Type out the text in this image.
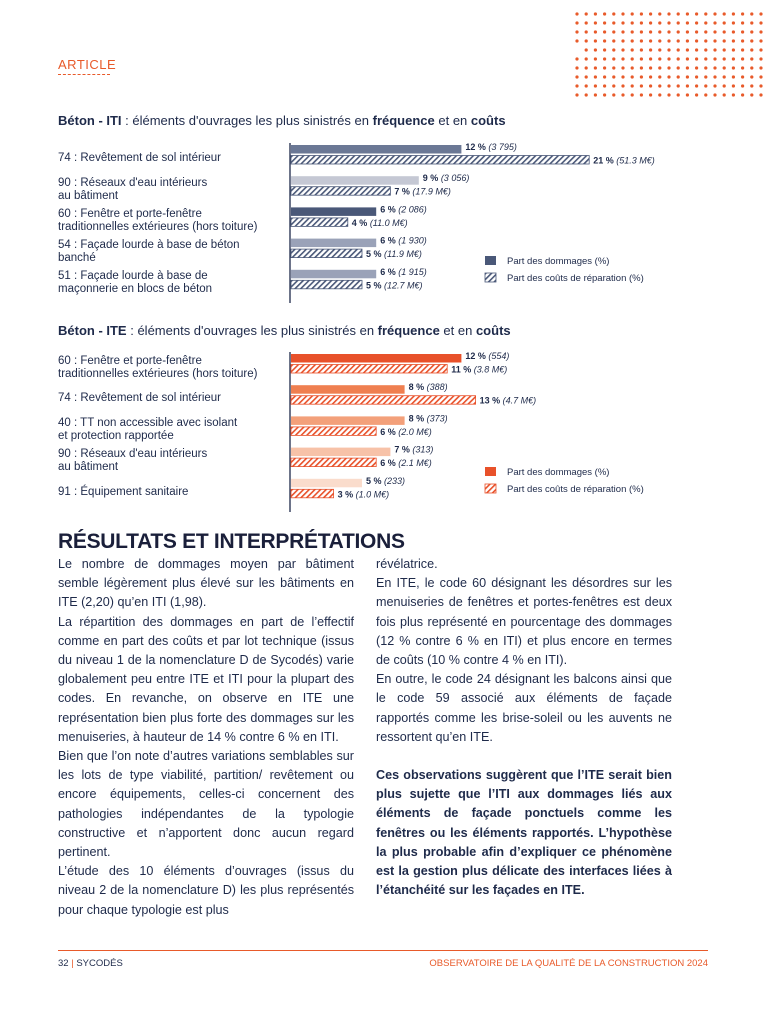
ARTICLE
Béton - ITI : éléments d'ouvrages les plus sinistrés en fréquence et en coûts
74 : Revêtement de sol intérieur
90 : Réseaux d'eau intérieurs
au bâtiment
60 : Fenêtre et porte-fenêtre
traditionnelles extérieures (hors toiture)
54 : Façade lourde à base de béton
banché
51 : Façade lourde à base de
maçonnerie en blocs de béton
Béton - ITE : éléments d'ouvrages les plus sinistrés en fréquence et en coûts
60 : Fenêtre et porte-fenêtre
traditionnelles extérieures (hors toiture)
74 : Revêtement de sol intérieur
40 : TT non accessible avec isolant
et protection rapportée
90 : Réseaux d'eau intérieurs
au bâtiment
91 : Équipement sanitaire
12 % (3 795)
9 % (3 056)
6 % (2 086)
6 % (1 930)
6 % (1 915)
21 % (51.3 M€)
7 % (17.9 M€)
4 % (11.0 M€)
5 % (11.9 M€)
5 % (12.7 M€)
Part des dommages (%)
Part des coûts de réparation (%)
12 % (554)
8 % (388)
8 % (373)
7 % (313)
5 % (233)
11 % (3.8 M€)
13 % (4.7 M€)
6 % (2.0 M€)
6 % (2.1 M€)
3 % (1.0 M€)
Part des dommages (%)
Part des coûts de réparation (%)
RÉSULTATS ET INTERPRÉTATIONS

Le nombre de dommages moyen par bâtiment semble légèrement plus élevé sur les bâtiments en ITE (2,20) qu’en ITI (1,98).

La répartition des dommages en part de l’effectif comme en part des coûts et par lot technique (issus du niveau 1 de la nomenclature D de Sycodés) varie globalement peu entre ITE et ITI pour la plupart des codes. En revanche, on observe en ITE une représentation bien plus forte des dommages sur les menuiseries, à hauteur de 14 % contre 6 % en ITI.

Bien que l’on note d’autres variations semblables sur les lots de type viabilité, partition/ revêtement ou encore équipements, celles-ci concernent des pathologies indépendantes de la typologie constructive et n’apportent donc aucun regard pertinent.

L’étude des 10 éléments d’ouvrages (issus du niveau 2 de la nomenclature D) les plus représentés pour chaque typologie est plus

révélatrice.

En ITE, le code 60 désignant les désordres sur les menuiseries de fenêtres et portes-fenêtres est deux fois plus représenté en pourcentage des dommages (12 % contre 6 % en ITI) et plus encore en termes de coûts (10 % contre 4 % en ITI).

En outre, le code 24 désignant les balcons ainsi que le code 59 associé aux éléments de façade rapportés comme les brise-soleil ou les auvents ne ressortent qu’en ITE.

Ces observations suggèrent que l’ITE serait bien plus sujette que l’ITI aux dommages liés aux éléments de façade ponctuels comme les fenêtres ou les éléments rapportés. L’hypothèse la plus probable afin d’expliquer ce phénomène est la gestion plus délicate des interfaces liées à l’étanchéité sur les façades en ITE.

32 | SYCODÉS	OBSERVATOIRE DE LA QUALITÉ DE LA CONSTRUCTION 2024
